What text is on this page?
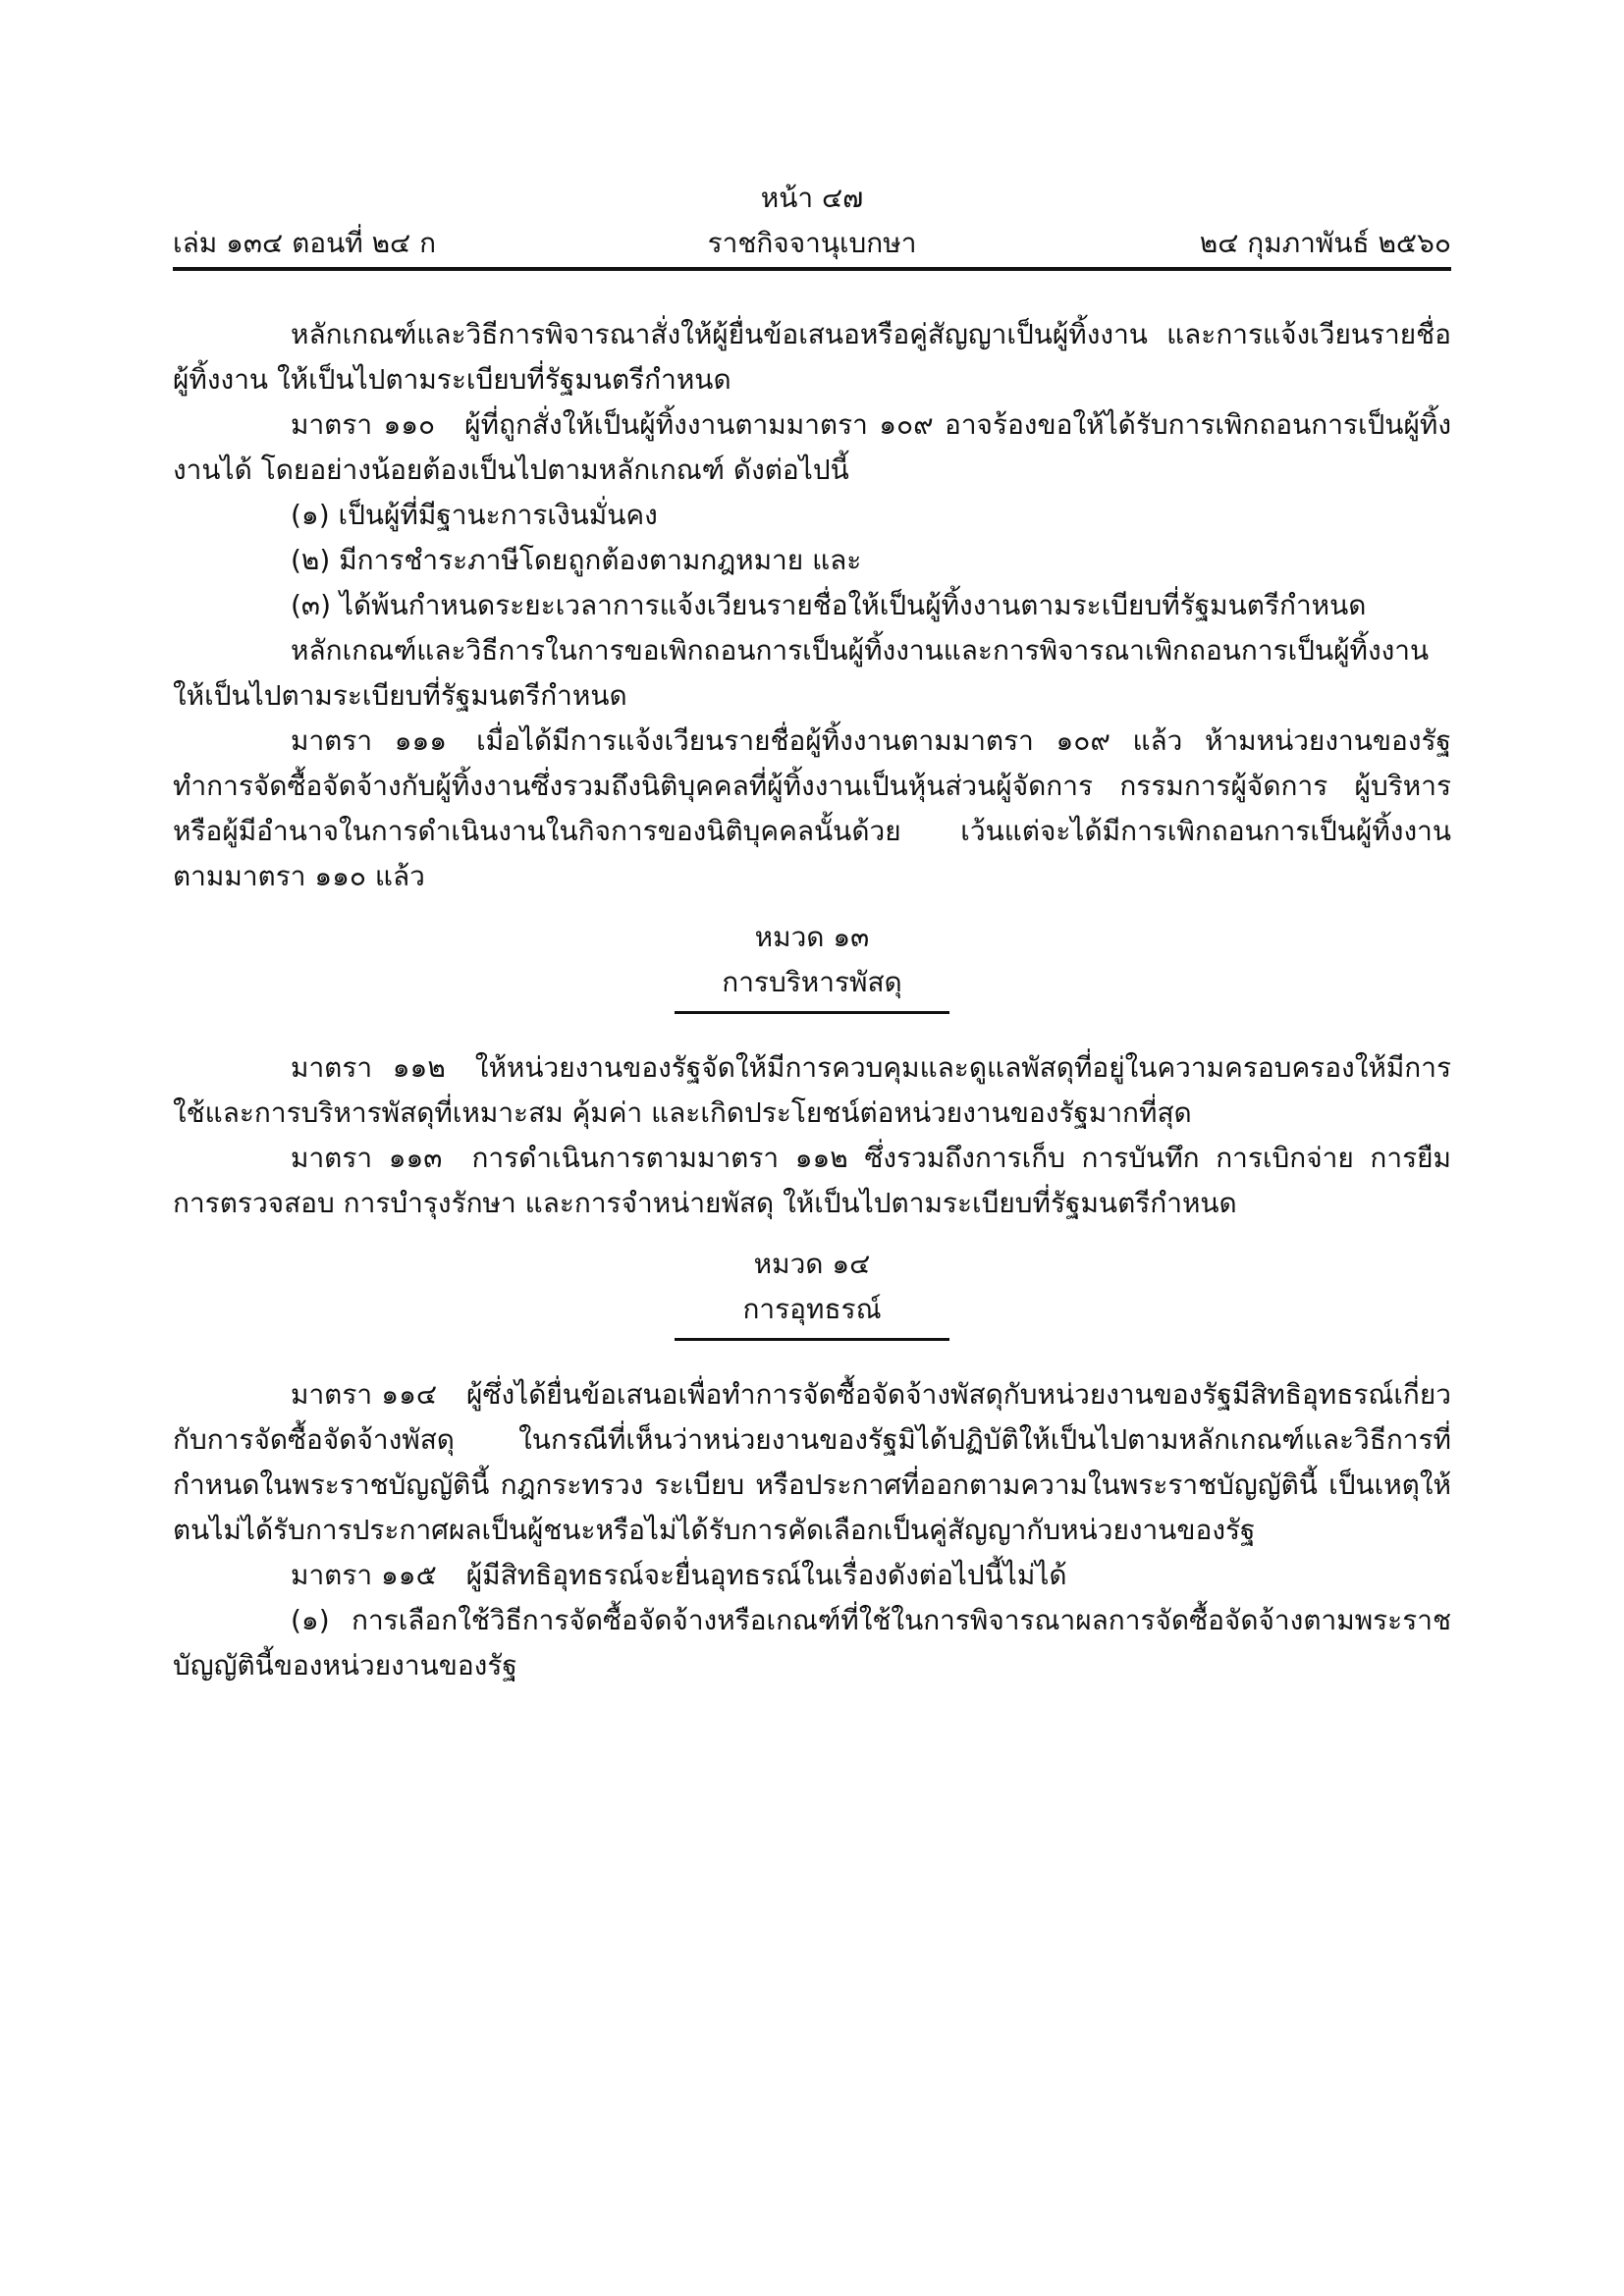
หน้า ๔๗
เล่ม ๑๓๔ ตอนที่ ๒๔ ก	ราชกิจจานุเบกษา	๒๔ กุมภาพันธ์ ๒๕๖๐

หลักเกณฑ์และวิธีการพิจารณาสั่งให้ผู้ยื่นข้อเสนอหรือคู่สัญญาเป็นผู้ทิ้งงาน และการแจ้งเวียนรายชื่อผู้ทิ้งงาน ให้เป็นไปตามระเบียบที่รัฐมนตรีกำหนด

มาตรา ๑๑๐ ผู้ที่ถูกสั่งให้เป็นผู้ทิ้งงานตามมาตรา ๑๐๙ อาจร้องขอให้ได้รับการเพิกถอนการเป็นผู้ทิ้งงานได้ โดยอย่างน้อยต้องเป็นไปตามหลักเกณฑ์ ดังต่อไปนี้

(๑) เป็นผู้ที่มีฐานะการเงินมั่นคง

(๒) มีการชำระภาษีโดยถูกต้องตามกฎหมาย และ

(๓) ได้พ้นกำหนดระยะเวลาการแจ้งเวียนรายชื่อให้เป็นผู้ทิ้งงานตามระเบียบที่รัฐมนตรีกำหนด

หลักเกณฑ์และวิธีการในการขอเพิกถอนการเป็นผู้ทิ้งงานและการพิจารณาเพิกถอนการเป็นผู้ทิ้งงานให้เป็นไปตามระเบียบที่รัฐมนตรีกำหนด

มาตรา ๑๑๑ เมื่อได้มีการแจ้งเวียนรายชื่อผู้ทิ้งงานตามมาตรา ๑๐๙ แล้ว ห้ามหน่วยงานของรัฐทำการจัดซื้อจัดจ้างกับผู้ทิ้งงานซึ่งรวมถึงนิติบุคคลที่ผู้ทิ้งงานเป็นหุ้นส่วนผู้จัดการ กรรมการผู้จัดการ ผู้บริหาร หรือผู้มีอำนาจในการดำเนินงานในกิจการของนิติบุคคลนั้นด้วย เว้นแต่จะได้มีการเพิกถอนการเป็นผู้ทิ้งงานตามมาตรา ๑๑๐ แล้ว

หมวด ๑๓
การบริหารพัสดุ

มาตรา ๑๑๒ ให้หน่วยงานของรัฐจัดให้มีการควบคุมและดูแลพัสดุที่อยู่ในความครอบครองให้มีการใช้และการบริหารพัสดุที่เหมาะสม คุ้มค่า และเกิดประโยชน์ต่อหน่วยงานของรัฐมากที่สุด

มาตรา ๑๑๓ การดำเนินการตามมาตรา ๑๑๒ ซึ่งรวมถึงการเก็บ การบันทึก การเบิกจ่าย การยืม การตรวจสอบ การบำรุงรักษา และการจำหน่ายพัสดุ ให้เป็นไปตามระเบียบที่รัฐมนตรีกำหนด

หมวด ๑๔
การอุทธรณ์

มาตรา ๑๑๔ ผู้ซึ่งได้ยื่นข้อเสนอเพื่อทำการจัดซื้อจัดจ้างพัสดุกับหน่วยงานของรัฐมีสิทธิอุทธรณ์เกี่ยวกับการจัดซื้อจัดจ้างพัสดุ ในกรณีที่เห็นว่าหน่วยงานของรัฐมิได้ปฏิบัติให้เป็นไปตามหลักเกณฑ์และวิธีการที่กำหนดในพระราชบัญญัตินี้ กฎกระทรวง ระเบียบ หรือประกาศที่ออกตามความในพระราชบัญญัตินี้ เป็นเหตุให้ตนไม่ได้รับการประกาศผลเป็นผู้ชนะหรือไม่ได้รับการคัดเลือกเป็นคู่สัญญากับหน่วยงานของรัฐ

มาตรา ๑๑๕ ผู้มีสิทธิอุทธรณ์จะยื่นอุทธรณ์ในเรื่องดังต่อไปนี้ไม่ได้

(๑) การเลือกใช้วิธีการจัดซื้อจัดจ้างหรือเกณฑ์ที่ใช้ในการพิจารณาผลการจัดซื้อจัดจ้างตามพระราชบัญญัตินี้ของหน่วยงานของรัฐ
